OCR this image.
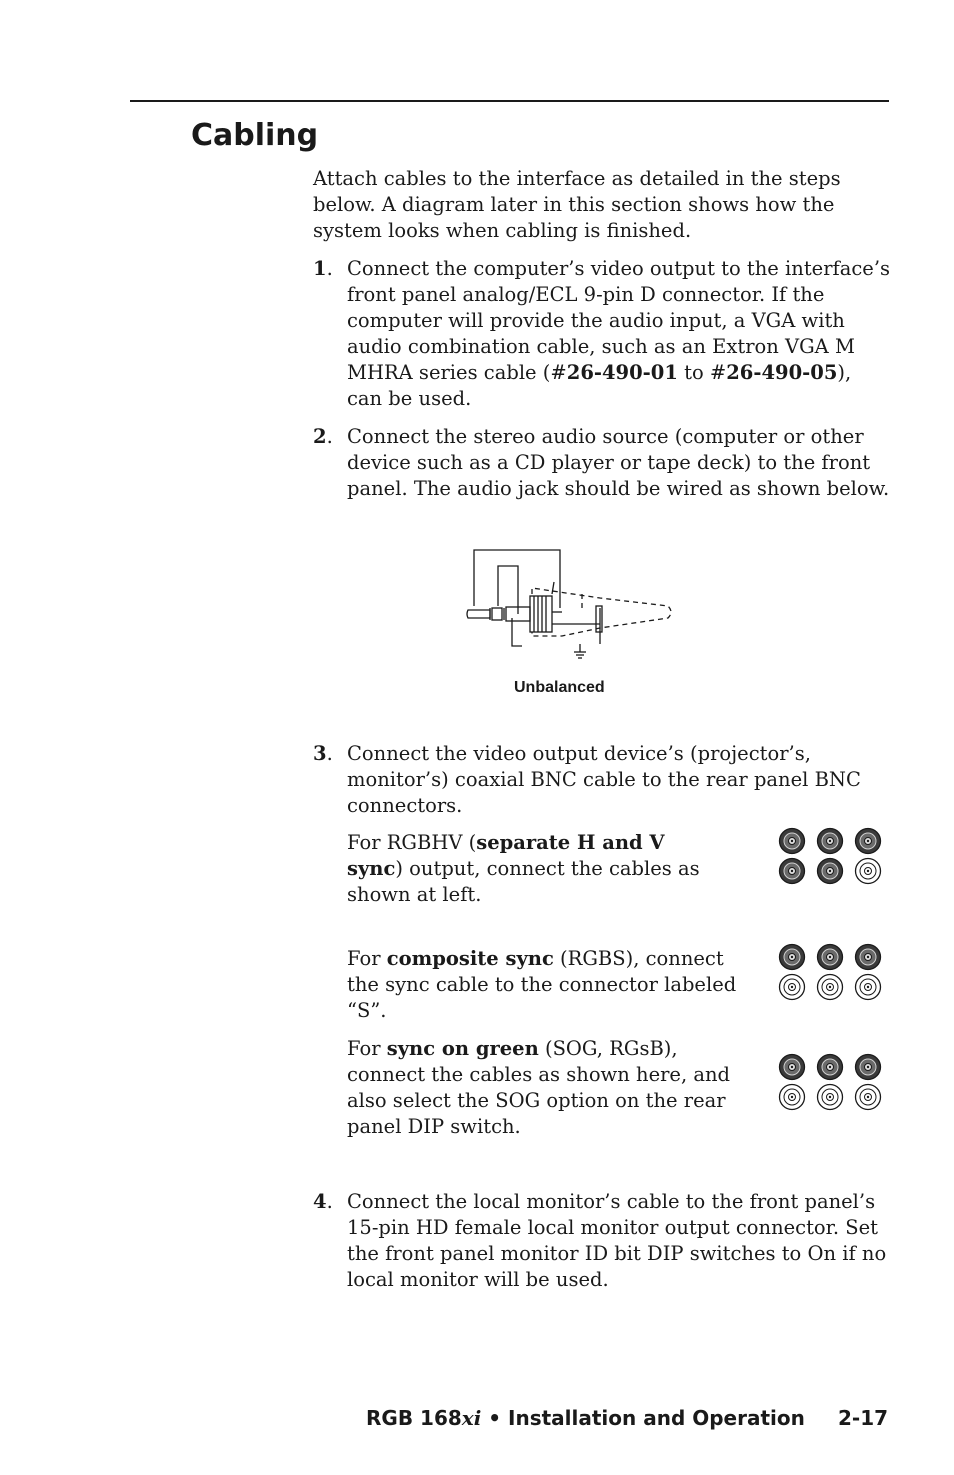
Cabling

Attach cables to the interface as detailed in the steps below. A diagram later in this section shows how the system looks when cabling is finished.

1. Connect the computer’s video output to the interface’s front panel analog/ECL 9-pin D connector. If the computer will provide the audio input, a VGA with audio combination cable, such as an Extron VGA M MHRA series cable (#26-490-01 to #26-490-05), can be used.

2. Connect the stereo audio source (computer or other device such as a CD player or tape deck) to the front panel. The audio jack should be wired as shown below.

Unbalanced
3. Connect the video output device’s (projector’s, monitor’s) coaxial BNC cable to the rear panel BNC connectors.

For RGBHV (separate H and V sync) output, connect the cables as shown at left.

For composite sync (RGBS), connect the sync cable to the connector labeled “S”.

For sync on green (SOG, RGsB), connect the cables as shown here, and also select the SOG option on the rear panel DIP switch.

4. Connect the local monitor’s cable to the front panel’s 15-pin HD female local monitor output connector. Set the front panel monitor ID bit DIP switches to On if no local monitor will be used.

RGB 168xi • Installation and Operation 2-17
